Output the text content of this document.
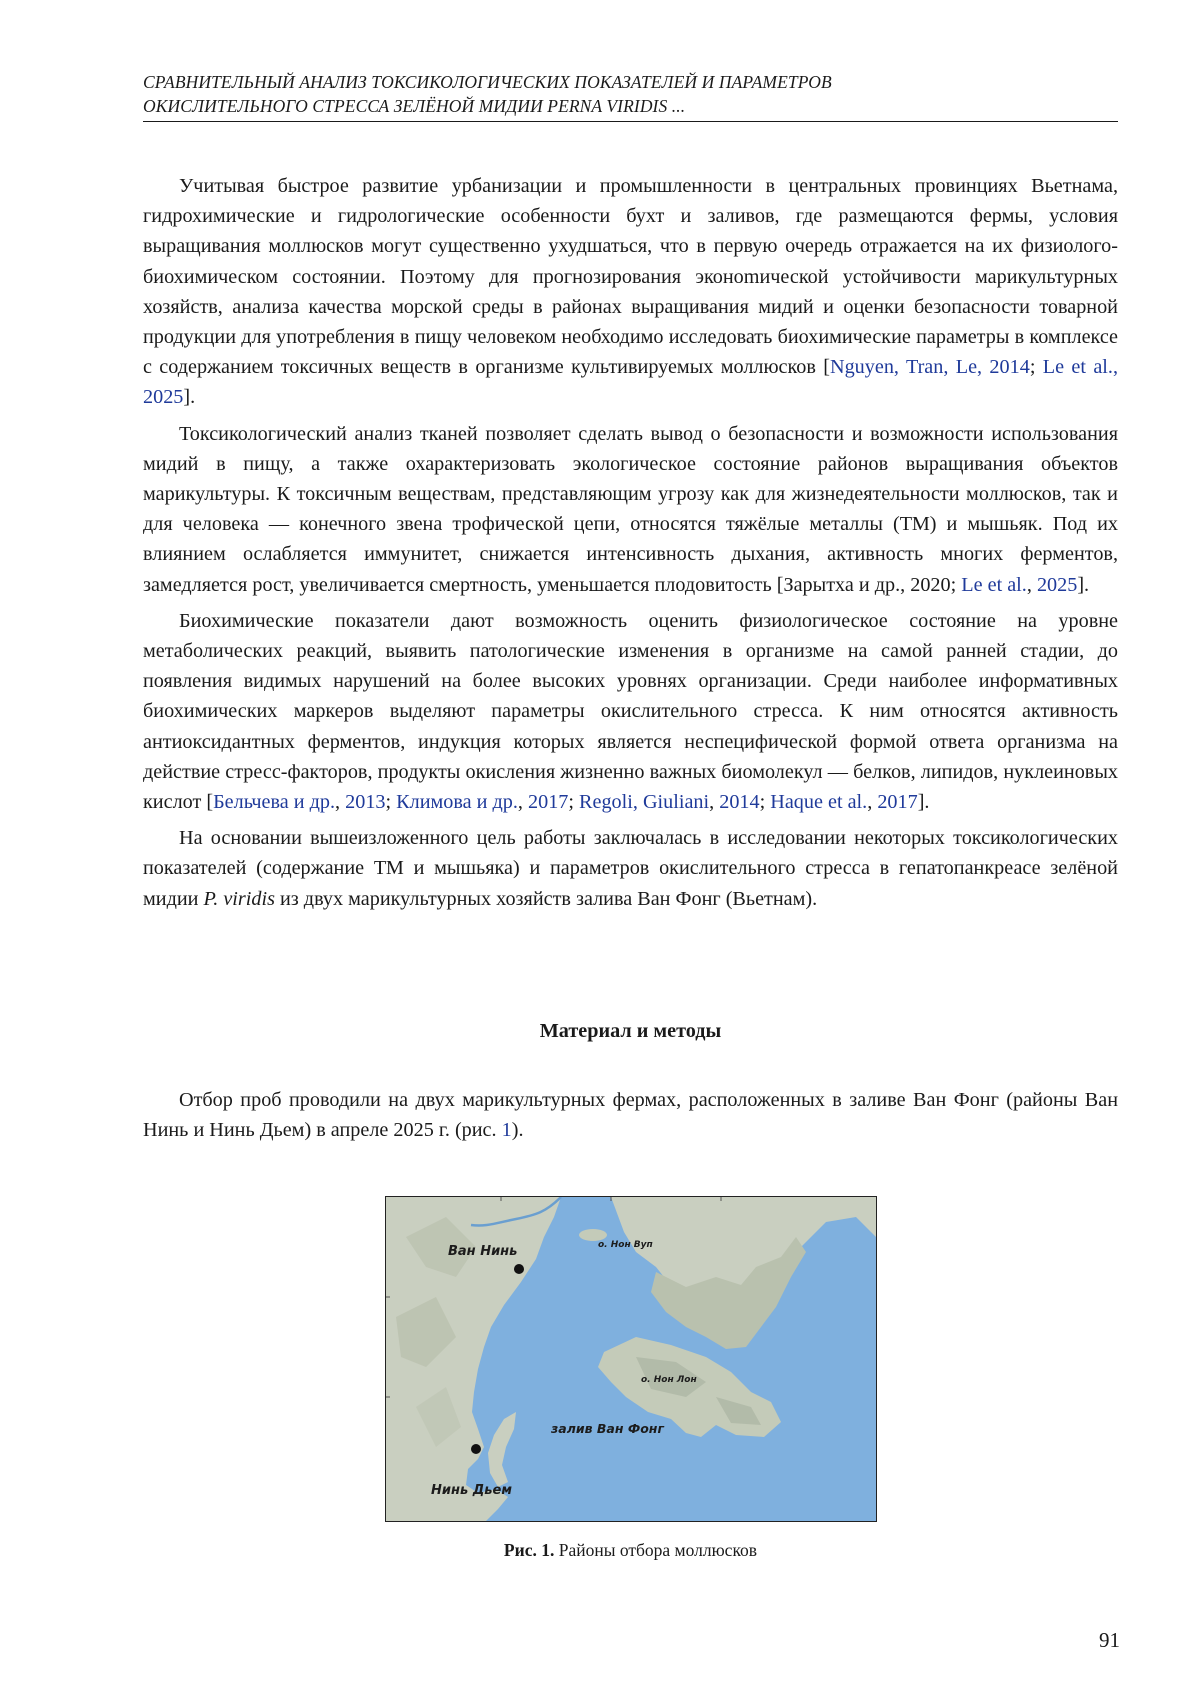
СРАВНИТЕЛЬНЫЙ АНАЛИЗ ТОКСИКОЛОГИЧЕСКИХ ПОКАЗАТЕЛЕЙ И ПАРАМЕТРОВ
ОКИСЛИТЕЛЬНОГО СТРЕССА ЗЕЛЁНОЙ МИДИИ PERNA VIRIDIS ...

Учитывая быстрое развитие урбанизации и промышленности в центральных провинциях Вьетнама, гидрохимические и гидрологические особенности бухт и заливов, где размещаются фермы, условия выращивания моллюсков могут существенно ухудшаться, что в первую очередь отражается на их физиолого-биохимическом состоянии. Поэтому для прогнозирования эконоmической устойчивости марикультурных хозяйств, анализа качества морской среды в районах выращивания мидий и оценки безопасности товарной продукции для употребления в пищу человеком необходимо исследовать биохимические параметры в комплексе с содержанием токсичных веществ в организме культивируемых моллюсков [Nguyen, Tran, Le, 2014; Le et al., 2025].

Токсикологический анализ тканей позволяет сделать вывод о безопасности и возможности использования мидий в пищу, а также охарактеризовать экологическое состояние районов выращивания объектов марикультуры. К токсичным веществам, представляющим угрозу как для жизнедеятельности моллюсков, так и для человека — конечного звена трофической цепи, относятся тяжёлые металлы (ТМ) и мышьяк. Под их влиянием ослабляется иммунитет, снижается интенсивность дыхания, активность многих ферментов, замедляется рост, увеличивается смертность, уменьшается плодовитость [Зарытха и др., 2020; Le et al., 2025].

Биохимические показатели дают возможность оценить физиологическое состояние на уровне метаболических реакций, выявить патологические изменения в организме на самой ранней стадии, до появления видимых нарушений на более высоких уровнях организации. Среди наиболее информативных биохимических маркеров выделяют параметры окислительного стресса. К ним относятся активность антиоксидантных ферментов, индукция которых является неспецифической формой ответа организма на действие стресс-факторов, продукты окисления жизненно важных биомолекул — белков, липидов, нуклеиновых кислот [Бельчева и др., 2013; Климова и др., 2017; Regoli, Giuliani, 2014; Haque et al., 2017].

На основании вышеизложенного цель работы заключалась в исследовании некоторых токсикологических показателей (содержание ТМ и мышьяка) и параметров окислительного стресса в гепатопанкреасе зелёной мидии P. viridis из двух марикультурных хозяйств залива Ван Фонг (Вьетнам).

Материал и методы

Отбор проб проводили на двух марикультурных фермах, расположенных в заливе Ван Фонг (районы Ван Нинь и Нинь Дьем) в апреле 2025 г. (рис. 1).

Ван Нинь	о. Нон Вуп
о. Нон Лон
залив Ван Фонг
Нинь Дьем
Рис. 1. Районы отбора моллюсков
91
